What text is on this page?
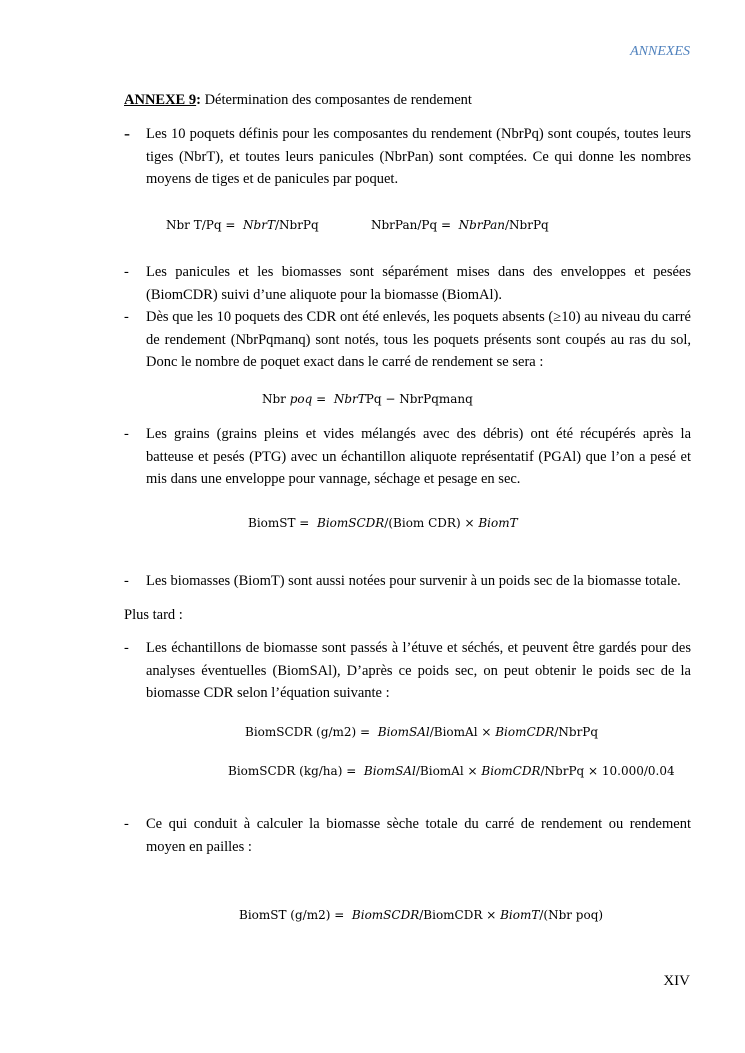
ANNEXES
ANNEXE 9: Détermination des composantes de rendement
- Les 10 poquets définis pour les composantes du rendement (NbrPq) sont coupés, toutes leurs tiges (NbrT), et toutes leurs panicules (NbrPan) sont comptées. Ce qui donne les nombres moyens de tiges et de panicules par poquet.
Nbr T/Pq =  NbrT/NbrPq	NbrPan/Pq =  NbrPan/NbrPq
- Les panicules et les biomasses sont séparément mises dans des enveloppes et pesées (BiomCDR) suivi d’une aliquote pour la biomasse (BiomAl).
- Dès que les 10 poquets des CDR ont été enlevés, les poquets absents (≥10) au niveau du carré de rendement (NbrPqmanq) sont notés, tous les poquets présents sont coupés au ras du sol, Donc le nombre de poquet exact dans le carré de rendement se sera :
Nbr poq =  NbrTPq − NbrPqmanq
- Les grains (grains pleins et vides mélangés avec des débris) ont été récupérés après la batteuse et pesés (PTG) avec un échantillon aliquote représentatif (PGAl) que l’on a pesé et mis dans une enveloppe pour vannage, séchage et pesage en sec.
BiomST =  BiomSCDR/(Biom CDR) × BiomT
- Les biomasses (BiomT) sont aussi notées pour survenir à un poids sec de la biomasse totale.
Plus tard :
- Les échantillons de biomasse sont passés à l’étuve et séchés, et peuvent être gardés pour des analyses éventuelles (BiomSAl), D’après ce poids sec, on peut obtenir le poids sec de la biomasse CDR selon l’équation suivante :
BiomSCDR (g/m2) =  BiomSAl/BiomAl × BiomCDR/NbrPq
BiomSCDR (kg/ha) =  BiomSAl/BiomAl × BiomCDR/NbrPq × 10.000/0.04
- Ce qui conduit à calculer la biomasse sèche totale du carré de rendement ou rendement moyen en pailles :
BiomST (g/m2) =  BiomSCDR/BiomCDR × BiomT/(Nbr poq)
XIV
